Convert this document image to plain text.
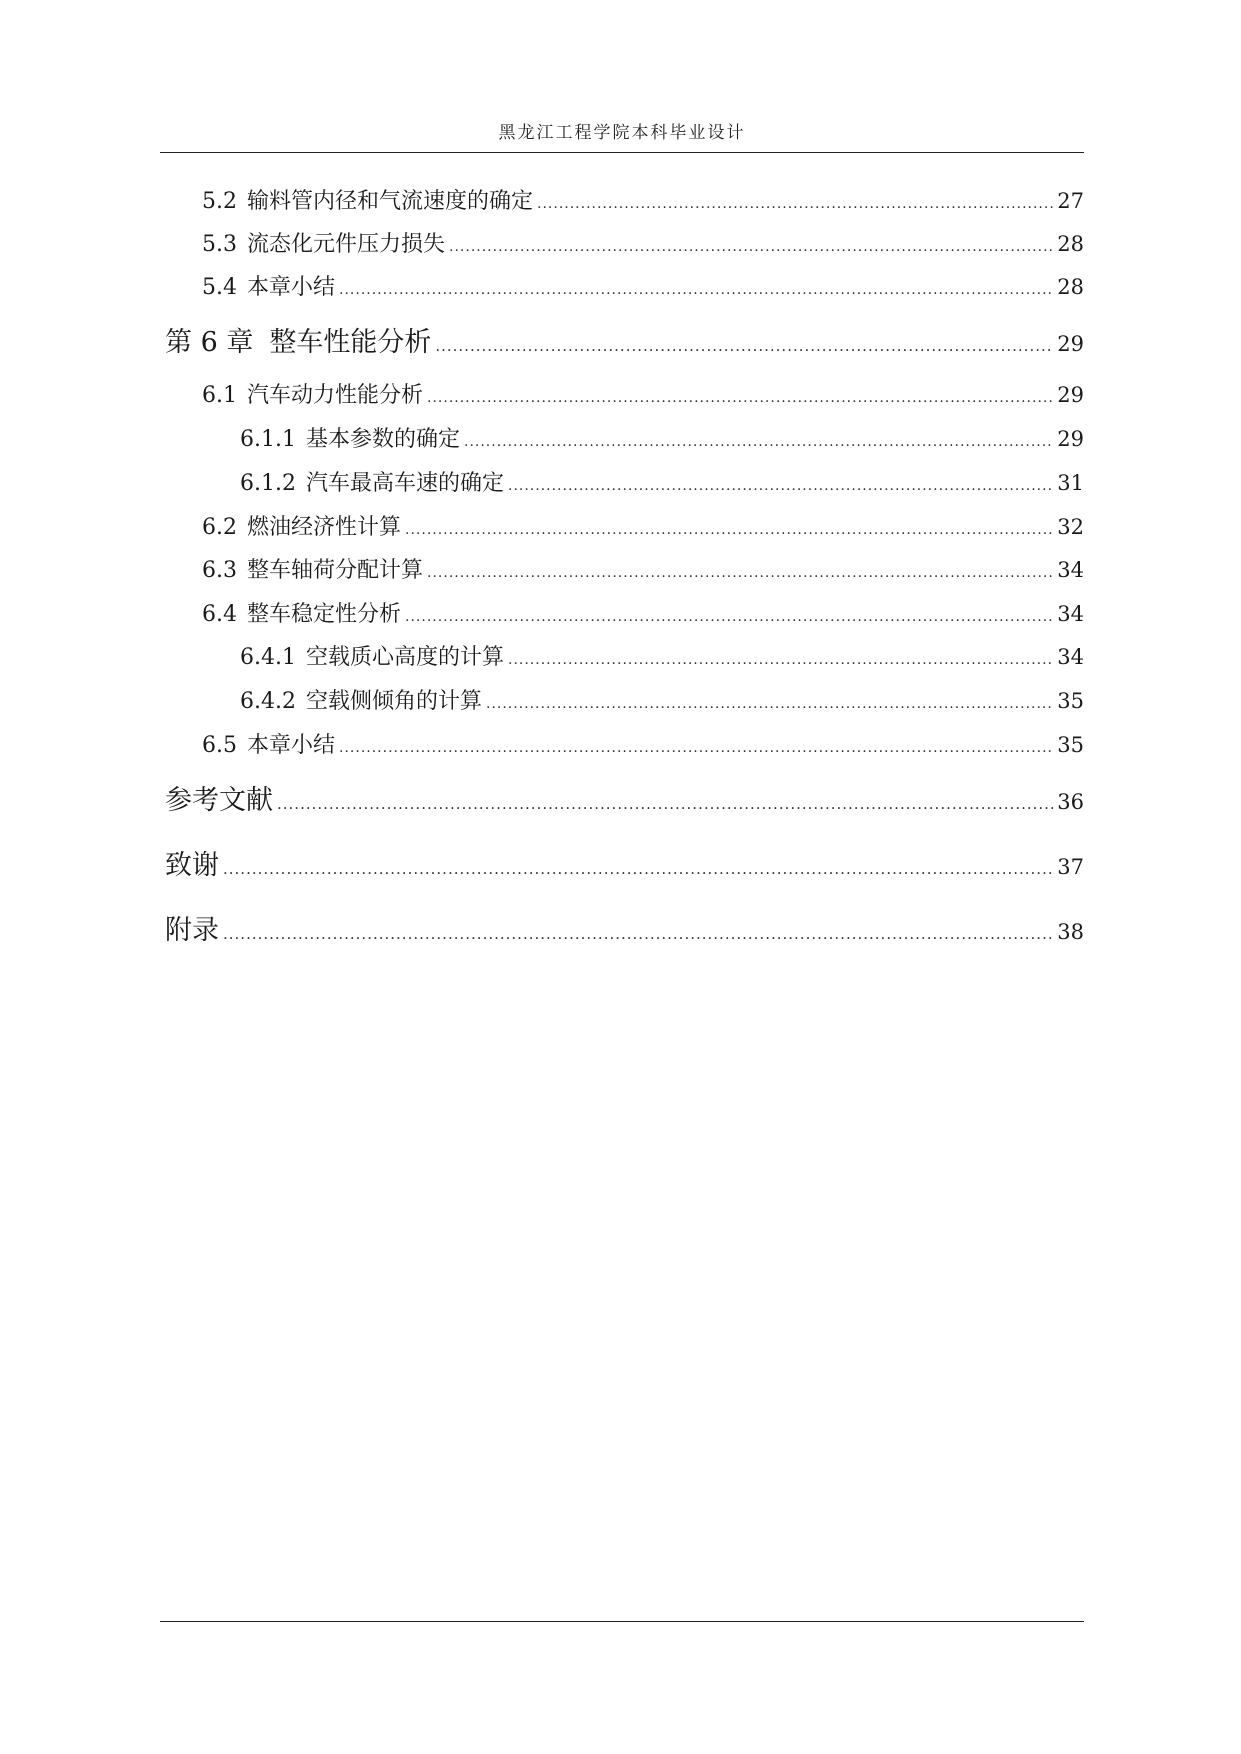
黑龙江工程学院本科毕业设计
5.2 输料管内径和气流速度的确定 .....	27
5.3 流态化元件压力损失 .....	28
5.4 本章小结 .....	28
第 6 章 整车性能分析 .....	29
6.1 汽车动力性能分析 .....	29
6.1.1 基本参数的确定 .....	29
6.1.2 汽车最高车速的确定 .....	31
6.2 燃油经济性计算 .....	32
6.3 整车轴荷分配计算 .....	34
6.4 整车稳定性分析 .....	34
6.4.1 空载质心高度的计算 .....	34
6.4.2 空载侧倾角的计算 .....	35
6.5 本章小结 .....	35
参考文献 .....	36
致谢 .....	37
附录 .....	38
